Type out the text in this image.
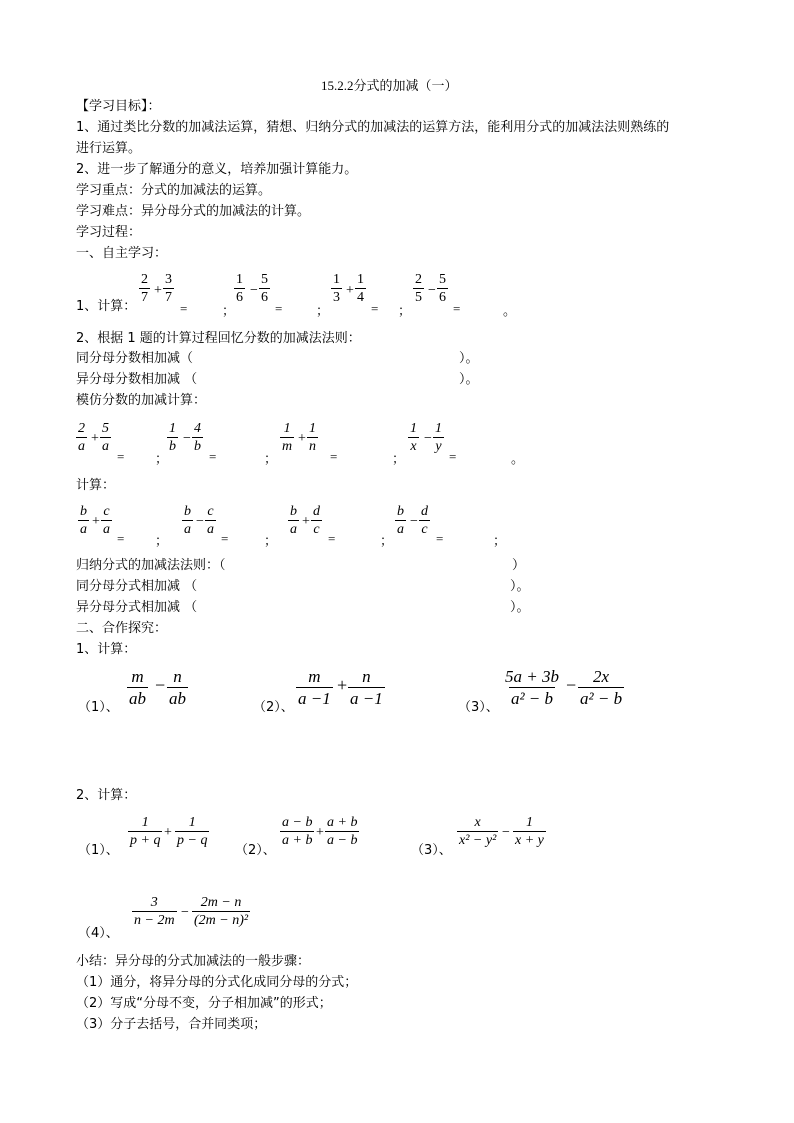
15.2.2分式的加减（一）
【学习目标】：
1、通过类比分数的加减法运算，猜想、归纳分式的加减法的运算方法，能利用分式的加减法法则熟练的
进行运算。
2、进一步了解通分的意义，培养加强计算能力。
学习重点：分式的加减法的运算。
学习难点：异分母分式的加减法的计算。
学习过程：
一、自主学习：
1、计算：
$\frac{2}{7} + \frac{3}{7}$
=	；
$\frac{1}{6} - \frac{5}{6}$
=	；
$\frac{1}{3} + \frac{1}{4}$
= ；
$\frac{2}{5} - \frac{5}{6}$
=	。
2、根据 1 题的计算过程回忆分数的加减法法则：
同分母分数相加减（	）。
异分母分数相加减 （	）。
模仿分数的加减计算：
$\frac{2}{a} + \frac{5}{a}$
= ；
$\frac{1}{b} - \frac{4}{b}$
=	；
$\frac{1}{m} + \frac{1}{n}$
=	；
$\frac{1}{x} - \frac{1}{y}$
=	。
计算：
$\frac{b}{a} + \frac{c}{a}$
= ；
$\frac{b}{a} - \frac{c}{a}$
=	；
$\frac{b}{a} + \frac{d}{c}$
=	；
$\frac{b}{a} - \frac{d}{c}$
=	；
归纳分式的加减法法则：（	）
同分母分式相加减 （	）。
异分母分式相加减 （	）。
二、合作探究：
1、计算：
（1）、 $\frac{m}{ab} - \frac{n}{ab}$	（2）、 $\frac{m}{a -1} + \frac{n}{a -1}$	（3）、 $\frac{5a + 3b}{\text{a² − b}} - \frac{2x}{\text{a² − b}}$
2、计算：
（1）、
$\frac{1}{p + q} + \frac{1}{p - q}$
（2）、
$\frac{a - b}{a + b} + \frac{a + b}{a - b}$
（3）、
$\frac{x}{\text{x² − y²}} - \frac{1}{x + y}$
（4）、
$\frac{3}{n - 2m} - \frac{2m - n}{\text{(2m − n)²}}$
小结：异分母的分式加减法的一般步骤：
（1）通分，将异分母的分式化成同分母的分式；
（2）写成“分母不变，分子相加减”的形式；
（3）分子去括号，合并同类项；
